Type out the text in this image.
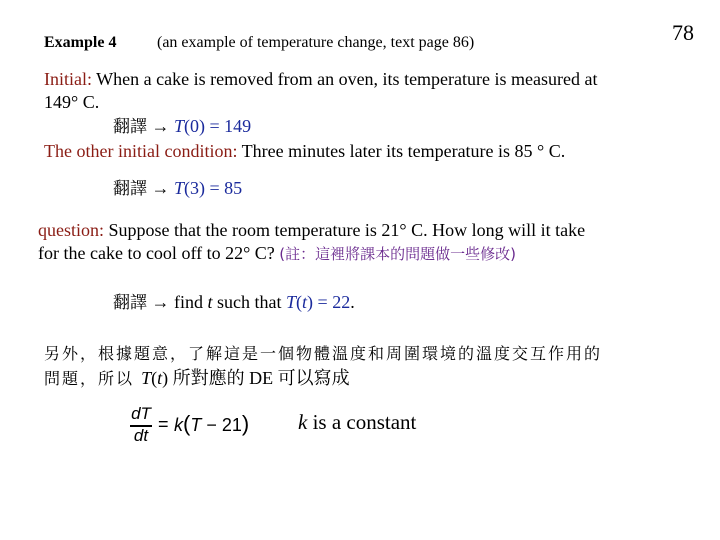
78
Example 4	(an example of temperature change, text page 86)
Initial: When a cake is removed from an oven, its temperature is measured at
149° C.
翻譯 → T(0) = 149
The other initial condition: Three minutes later its temperature is 85 ° C.
翻譯 → T(3) = 85
question: Suppose that the room temperature is 21° C. How long will it take
for the cake to cool off to 22° C? (註：這裡將課本的問題做一些修改)
翻譯 → find t such that T(t) = 22.
另外，根據題意，了解這是一個物體溫度和周圍環境的溫度交互作用的
問題，所以 T(t) 所對應的 DE 可以寫成
dT
dt
= k(T − 21) k is a constant
